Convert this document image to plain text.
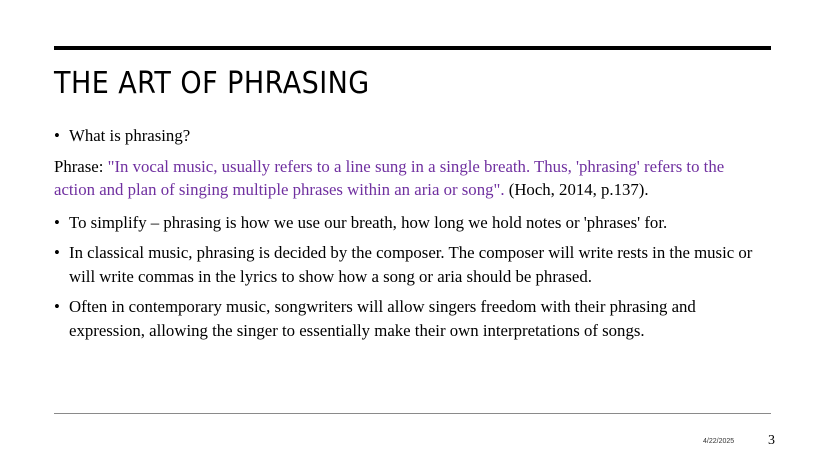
THE ART OF PHRASING
• What is phrasing?
Phrase: "In vocal music, usually refers to a line sung in a single breath. Thus, 'phrasing' refers to the action and plan of singing multiple phrases within an aria or song". (Hoch, 2014, p.137).
• To simplify – phrasing is how we use our breath, how long we hold notes or 'phrases' for.
• In classical music, phrasing is decided by the composer. The composer will write rests in the music or will write commas in the lyrics to show how a song or aria should be phrased.
• Often in contemporary music, songwriters will allow singers freedom with their phrasing and expression, allowing the singer to essentially make their own interpretations of songs.
4/22/2025 3
